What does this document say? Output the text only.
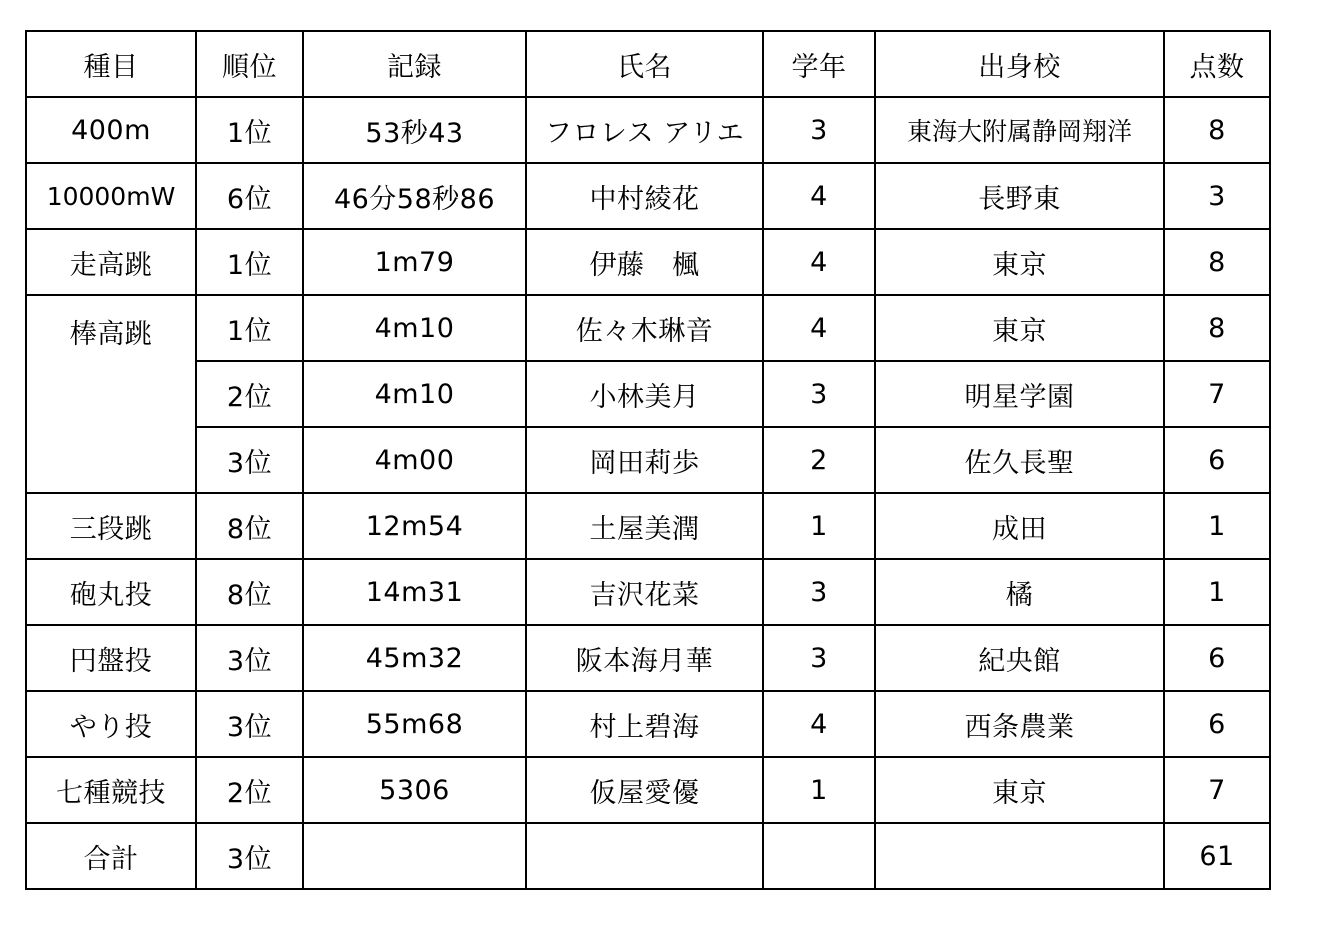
種目	順位	記録	氏名	学年	出身校	点数
400m	1位	53秒43	フロレス アリエ	3	東海大附属静岡翔洋	8
10000mW	6位	46分58秒86	中村綾花	4	長野東	3
走高跳	1位	1m79	伊藤　楓	4	東京	8
棒高跳	1位	4m10	佐々木琳音	4	東京	8
	2位	4m10	小林美月	3	明星学園	7
	3位	4m00	岡田莉歩	2	佐久長聖	6
三段跳	8位	12m54	土屋美潤	1	成田	1
砲丸投	8位	14m31	吉沢花菜	3	橘	1
円盤投	3位	45m32	阪本海月華	3	紀央館	6
やり投	3位	55m68	村上碧海	4	西条農業	6
七種競技	2位	5306	仮屋愛優	1	東京	7
合計	3位					61
